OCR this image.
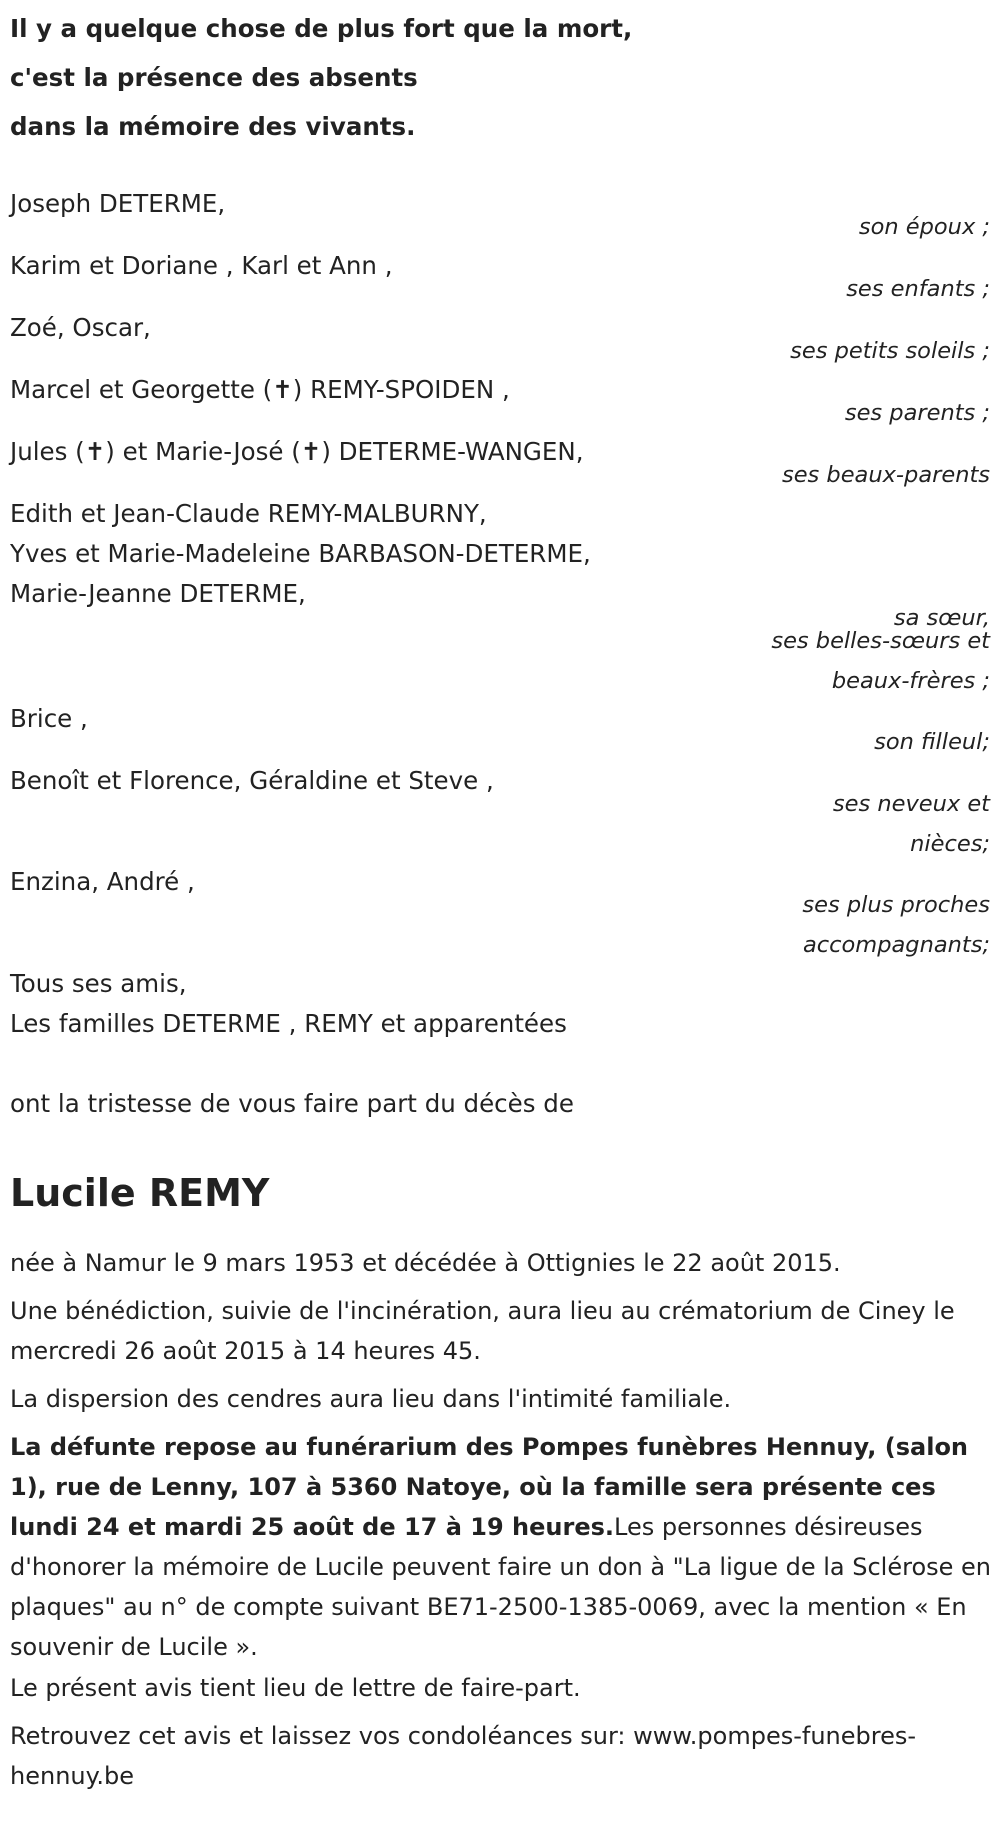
Il y a quelque chose de plus fort que la mort,
c'est la présence des absents
dans la mémoire des vivants.
Joseph DETERME,
son époux ;
Karim et Doriane , Karl et Ann ,
ses enfants ;
Zoé, Oscar,
ses petits soleils ;
Marcel et Georgette (✝) REMY-SPOIDEN ,
ses parents ;
Jules (✝) et Marie-José (✝) DETERME-WANGEN,
ses beaux-parents
Edith et Jean-Claude REMY-MALBURNY,
Yves et Marie-Madeleine BARBASON-DETERME,
Marie-Jeanne DETERME,
sa sœur,
ses belles-sœurs et
beaux-frères ;
Brice ,
son filleul;
Benoît et Florence, Géraldine et Steve ,
ses neveux et
nièces;
Enzina, André ,
ses plus proches
accompagnants;
Tous ses amis,
Les familles DETERME , REMY et apparentées
ont la tristesse de vous faire part du décès de
Lucile REMY
née à Namur le 9 mars 1953 et décédée à Ottignies le 22 août 2015.
Une bénédiction, suivie de l'incinération, aura lieu au crématorium de Ciney le mercredi 26 août 2015 à 14 heures 45.
La dispersion des cendres aura lieu dans l'intimité familiale.
La défunte repose au funérarium des Pompes funèbres Hennuy, (salon 1), rue de Lenny, 107 à 5360 Natoye, où la famille sera présente ces lundi 24 et mardi 25 août de 17 à 19 heures.Les personnes désireuses d'honorer la mémoire de Lucile peuvent faire un don à "La ligue de la Sclérose en plaques" au n° de compte suivant BE71-2500-1385-0069, avec la mention « En souvenir de Lucile ».
Le présent avis tient lieu de lettre de faire-part.
Retrouvez cet avis et laissez vos condoléances sur: www.pompes-funebres-hennuy.be
